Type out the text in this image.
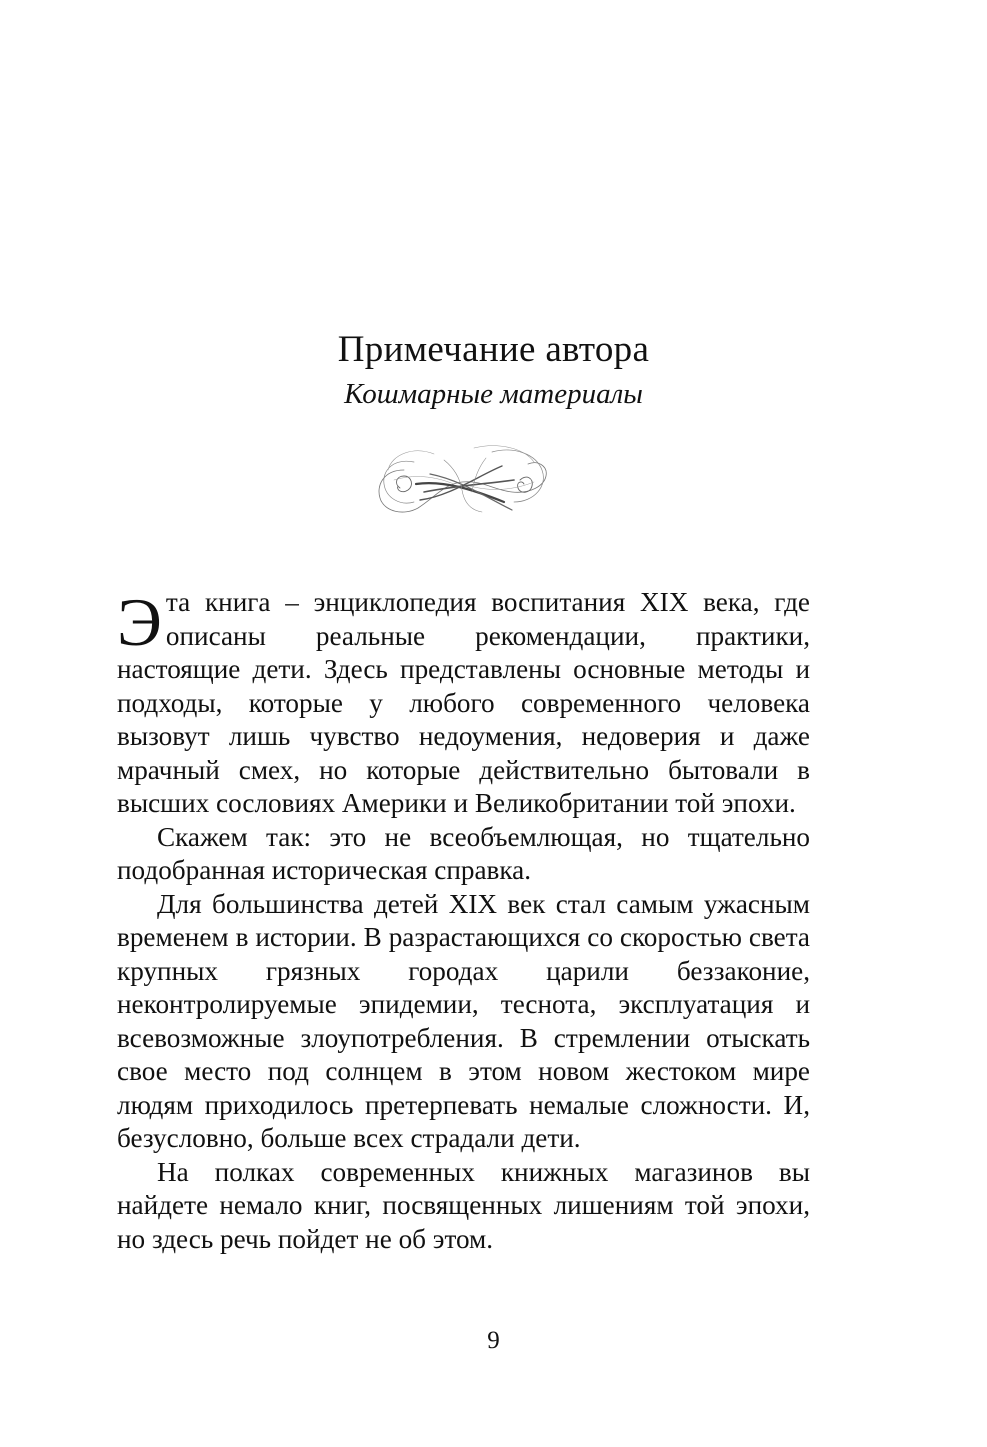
Примечание автора
Кошмарные материалы

Эта книга – энциклопедия воспитания XIX века, где описаны реальные рекомендации, практики, настоящие дети. Здесь представлены основные методы и подходы, которые у любого современного человека вызовут лишь чувство недоумения, недоверия и даже мрачный смех, но которые действительно бытовали в высших сословиях Америки и Великобритании той эпохи.

Скажем так: это не всеобъемлющая, но тщательно подобранная историческая справка.

Для большинства детей XIX век стал самым ужасным временем в истории. В разрастающихся со скоростью света крупных грязных городах царили беззаконие, неконтролируемые эпидемии, теснота, эксплуатация и всевозможные злоупотребления. В стремлении отыскать свое место под солнцем в этом новом жестоком мире людям приходилось претерпевать немалые сложности. И, безусловно, больше всех страдали дети.

На полках современных книжных магазинов вы найдете немало книг, посвященных лишениям той эпохи, но здесь речь пойдет не об этом.

9
